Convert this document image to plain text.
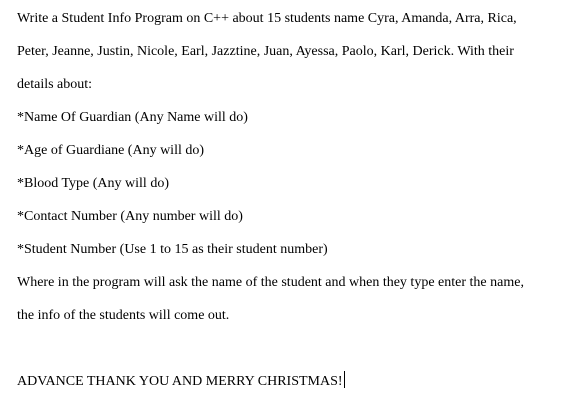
Write a Student Info Program on C++ about 15 students name Cyra, Amanda, Arra, Rica,
Peter, Jeanne, Justin, Nicole, Earl, Jazztine, Juan, Ayessa, Paolo, Karl, Derick. With their
details about:
*Name Of Guardian (Any Name will do)
*Age of Guardiane (Any will do)
*Blood Type (Any will do)
*Contact Number (Any number will do)
*Student Number (Use 1 to 15 as their student number)
Where in the program will ask the name of the student and when they type enter the name,
the info of the students will come out.
ADVANCE THANK YOU AND MERRY CHRISTMAS!
